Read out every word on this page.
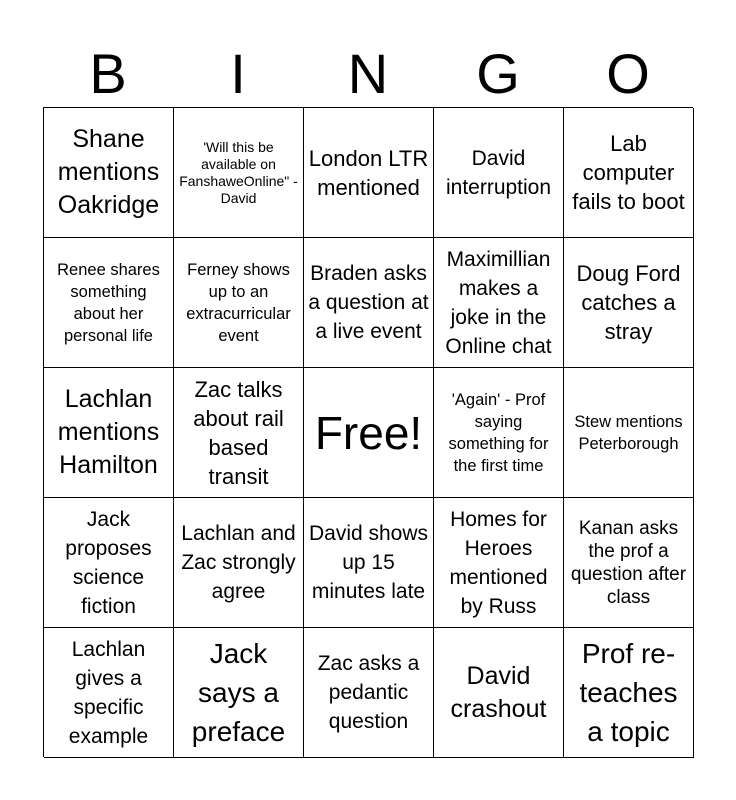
B	I	N	G	O
Shane mentions Oakridge
'Will this be available on FanshaweOnline" - David
London LTR mentioned
David interruption
Lab computer fails to boot
Renee shares something about her personal life
Ferney shows up to an extracurricular event
Braden asks a question at a live event
Maximillian makes a joke in the Online chat
Doug Ford catches a stray
Lachlan mentions Hamilton
Zac talks about rail based transit
Free!
'Again' - Prof saying something for the first time
Stew mentions Peterborough
Jack proposes science fiction
Lachlan and Zac strongly agree
David shows up 15 minutes late
Homes for Heroes mentioned by Russ
Kanan asks the prof a question after class
Lachlan gives a specific example
Jack says a preface
Zac asks a pedantic question
David crashout
Prof re-teaches a topic
